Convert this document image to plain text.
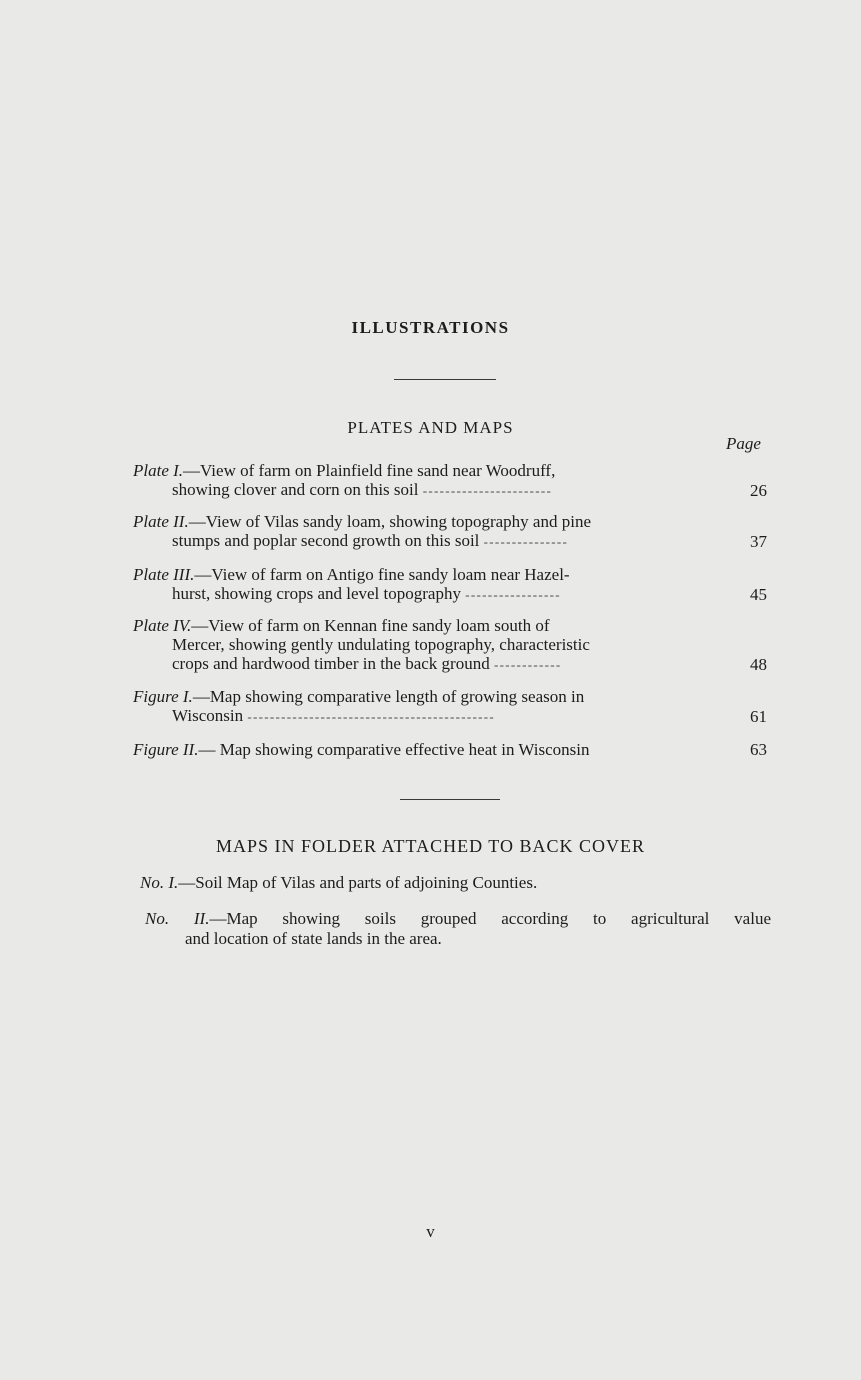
ILLUSTRATIONS
PLATES AND MAPS
Page
Plate I.—View of farm on Plainfield fine sand near Woodruff,
showing clover and corn on this soil -----------------------	26
Plate II.—View of Vilas sandy loam, showing topography and pine
stumps and poplar second growth on this soil ---------------	37
Plate III.—View of farm on Antigo fine sandy loam near Hazel-
hurst, showing crops and level topography -----------------	45
Plate IV.—View of farm on Kennan fine sandy loam south of
Mercer, showing gently undulating topography, characteristic
crops and hardwood timber in the back ground ------------	48
Figure I.—Map showing comparative length of growing season in
Wisconsin --------------------------------------------	61
Figure II.— Map showing comparative effective heat in Wisconsin	63
MAPS IN FOLDER ATTACHED TO BACK COVER
No. I.—Soil Map of Vilas and parts of adjoining Counties.
No. II.—Map showing soils grouped according to agricultural value
and location of state lands in the area.
v
